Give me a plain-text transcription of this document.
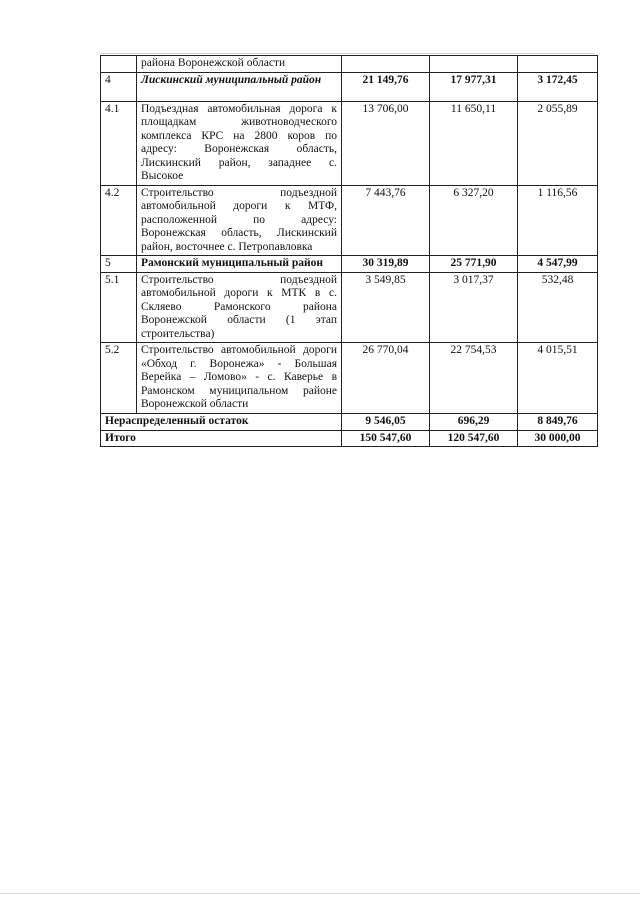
	района Воронежской области			
4	Лискинский муниципальный район	21 149,76	17 977,31	3 172,45
4.1	Подъездная автомобильная дорога к площадкам животноводческого комплекса КРС на 2800 коров по адресу: Воронежская область, Лискинский район, западнее с. Высокое	13 706,00	11 650,11	2 055,89
4.2	Строительство подъездной автомобильной дороги к МТФ, расположенной по адресу: Воронежская область, Лискинский район, восточнее с. Петропавловка	7 443,76	6 327,20	1 116,56
5	Рамонский муниципальный район	30 319,89	25 771,90	4 547,99
5.1	Строительство подъездной автомобильной дороги к МТК в с. Скляево Рамонского района Воронежской области (1 этап строительства)	3 549,85	3 017,37	532,48
5.2	Строительство автомобильной дороги «Обход г. Воронежа» - Большая Верейка – Ломово» - с. Каверье в Рамонском муниципальном районе Воронежской области	26 770,04	22 754,53	4 015,51
Нераспределенный остаток		9 546,05	696,29	8 849,76
Итого		150 547,60	120 547,60	30 000,00
